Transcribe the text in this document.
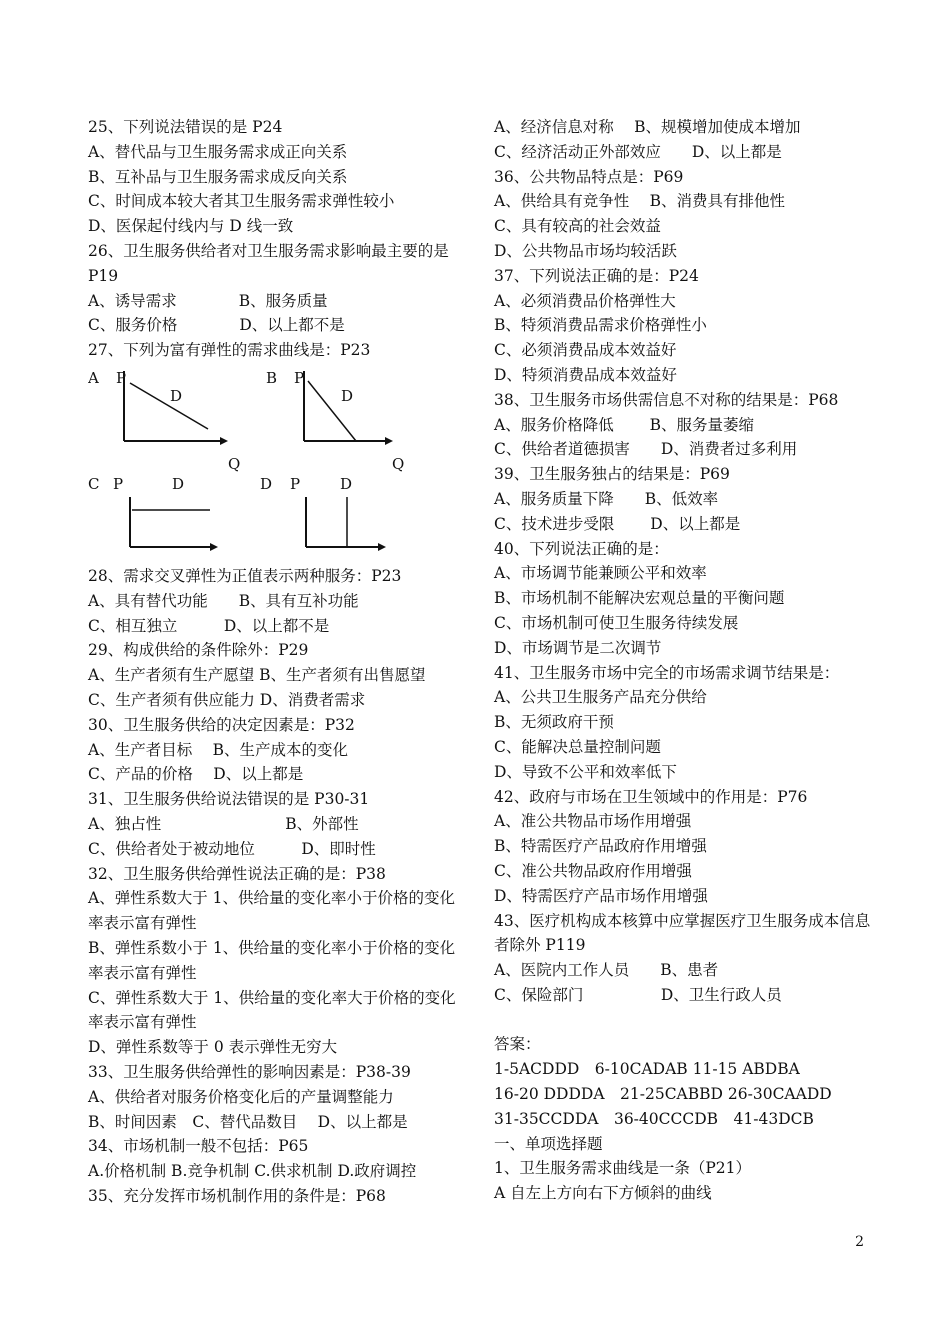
25、下列说法错误的是 P24

A、替代品与卫生服务需求成正向关系

B、互补品与卫生服务需求成反向关系

C、时间成本较大者其卫生服务需求弹性较小

D、医保起付线内与 D 线一致

26、卫生服务供给者对卫生服务需求影响最主要的是 P19

A、诱导需求　　　　B、服务质量

C、服务价格　　　　D、以上都不是

27、下列为富有弹性的需求曲线是：P23

A P
D
Q
B P
D
Q
C P	D	D P	D

28、需求交叉弹性为正值表示两种服务：P23

A、具有替代功能　　B、具有互补功能

C、相互独立　　　D、以上都不是

29、构成供给的条件除外：P29

A、生产者须有生产愿望 B、生产者须有出售愿望

C、生产者须有供应能力 D、消费者需求

30、卫生服务供给的决定因素是：P32

A、生产者目标　 B、生产成本的变化

C、产品的价格　 D、以上都是

31、卫生服务供给说法错误的是 P30-31

A、独占性　　　　　　　　B、外部性

C、供给者处于被动地位　　　D、即时性

32、卫生服务供给弹性说法正确的是：P38

A、弹性系数大于 1、供给量的变化率小于价格的变化率表示富有弹性

B、弹性系数小于 1、供给量的变化率小于价格的变化率表示富有弹性

C、弹性系数大于 1、供给量的变化率大于价格的变化率表示富有弹性

D、弹性系数等于 0 表示弹性无穷大

33、卫生服务供给弹性的影响因素是：P38-39

A、供给者对服务价格变化后的产量调整能力

B、时间因素　C、替代品数目　 D、以上都是

34、市场机制一般不包括：P65

A.价格机制 B.竞争机制 C.供求机制 D.政府调控

35、充分发挥市场机制作用的条件是：P68

A、经济信息对称　 B、规模增加使成本增加

C、经济活动正外部效应　　D、以上都是

36、公共物品特点是：P69

A、供给具有竞争性　 B、消费具有排他性

C、具有较高的社会效益

D、公共物品市场均较活跃

37、下列说法正确的是：P24

A、必须消费品价格弹性大

B、特须消费品需求价格弹性小

C、必须消费品成本效益好

D、特须消费品成本效益好

38、卫生服务市场供需信息不对称的结果是：P68

A、服务价格降低　　 B、服务量萎缩

C、供给者道德损害　　D、消费者过多利用

39、卫生服务独占的结果是：P69

A、服务质量下降　　B、低效率

C、技术进步受限　　 D、以上都是

40、下列说法正确的是：

A、市场调节能兼顾公平和效率

B、市场机制不能解决宏观总量的平衡问题

C、市场机制可使卫生服务待续发展

D、市场调节是二次调节

41、卫生服务市场中完全的市场需求调节结果是：

A、公共卫生服务产品充分供给

B、无须政府干预

C、能解决总量控制问题

D、导致不公平和效率低下

42、政府与市场在卫生领域中的作用是：P76

A、准公共物品市场作用增强

B、特需医疗产品政府作用增强

C、准公共物品政府作用增强

D、特需医疗产品市场作用增强

43、医疗机构成本核算中应掌握医疗卫生服务成本信息者除外 P119

A、医院内工作人员　　B、患者

C、保险部门　　　　　D、卫生行政人员

答案：

1-5ACDDD　6-10CADAB 11-15 ABDBA

16-20 DDDDA　21-25CABBD 26-30CAADD

31-35CCDDA　36-40CCCDB　41-43DCB

一、单项选择题

1、卫生服务需求曲线是一条（P21）

A 自左上方向右下方倾斜的曲线

2
